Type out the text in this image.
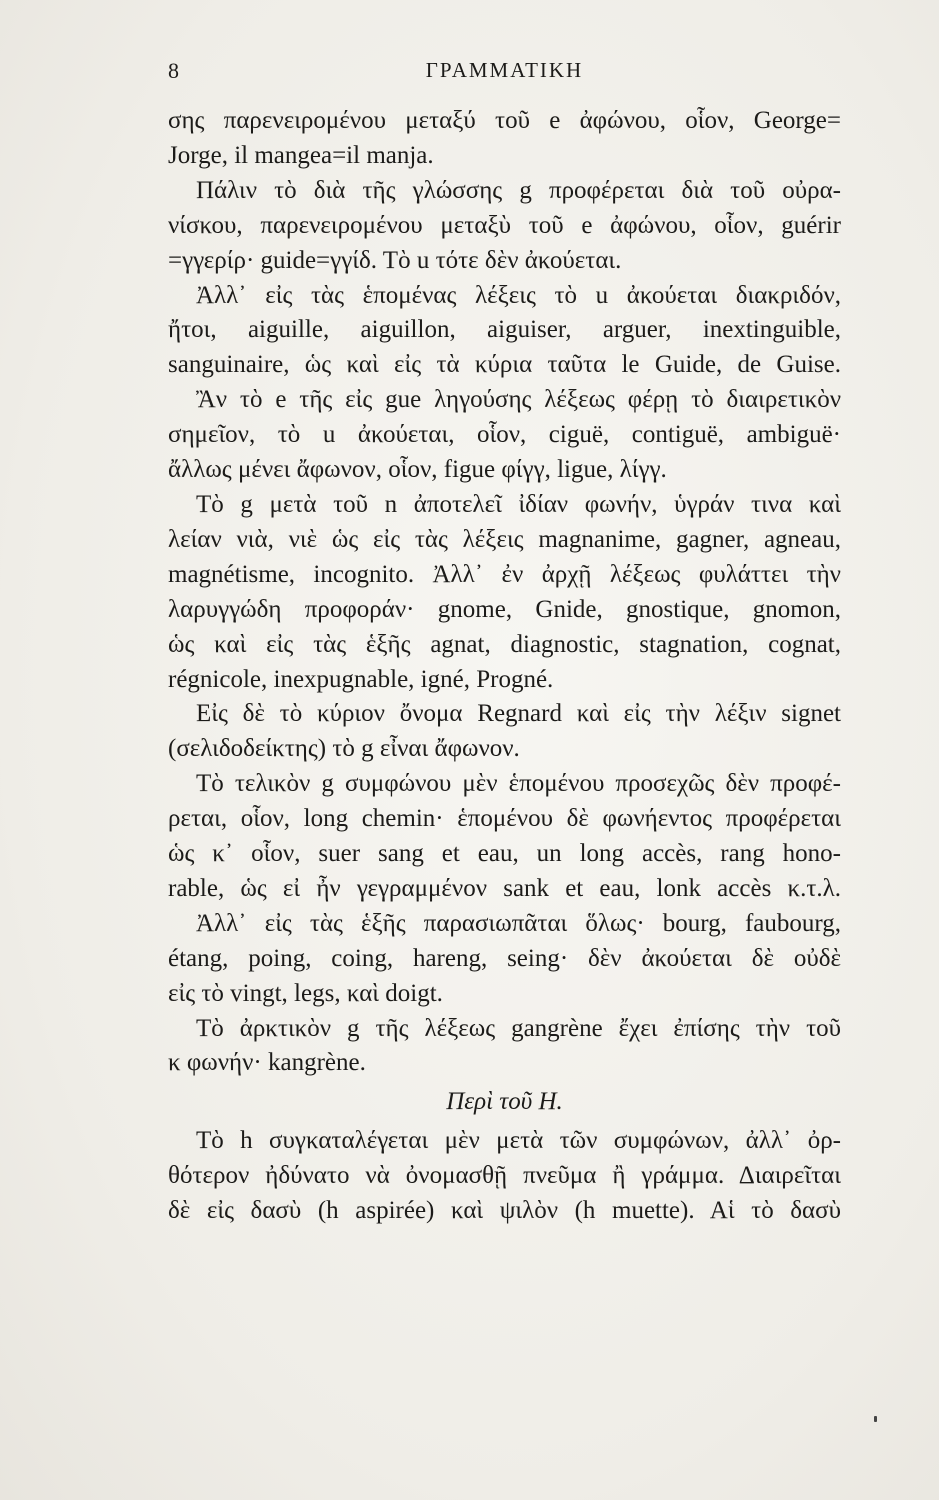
8	ΓΡΑΜΜΑΤΙΚΗ
σης παρενειρομένου μεταξύ τοῦ e ἀφώνου, οἷον, George=
Jorge, il mangea=il manja.
Πάλιν τὸ διὰ τῆς γλώσσης g προφέρεται διὰ τοῦ οὐρα-
νίσκου, παρενειρομένου μεταξὺ τοῦ e ἀφώνου, οἷον, guérir
=γγερίρ· guide=γγίδ. Τὸ u τότε δὲν ἀκούεται.
Ἀλλ᾽ εἰς τὰς ἑπομένας λέξεις τὸ u ἀκούεται διακριδόν,
ἤτοι, aiguille, aiguillon, aiguiser, arguer, inextinguible,
sanguinaire, ὡς καὶ εἰς τὰ κύρια ταῦτα le Guide, de Guise.
Ἂν τὸ e τῆς εἰς gue ληγούσης λέξεως φέρῃ τὸ διαιρετικὸν
σημεῖον, τὸ u ἀκούεται, οἷον, ciguë, contiguë, ambiguë·
ἄλλως μένει ἄφωνον, οἷον, figue φίγγ, ligue, λίγγ.
Τὸ g μετὰ τοῦ n ἀποτελεῖ ἰδίαν φωνήν, ὑγράν τινα καὶ
λείαν νιὰ, νιὲ ὡς εἰς τὰς λέξεις magnanime, gagner, agneau,
magnétisme, incognito. Ἀλλ᾽ ἐν ἀρχῇ λέξεως φυλάττει τὴν
λαρυγγώδη προφοράν· gnome, Gnide, gnostique, gnomon,
ὡς καὶ εἰς τὰς ἑξῆς agnat, diagnostic, stagnation, cognat,
régnicole, inexpugnable, igné, Progné.
Εἰς δὲ τὸ κύριον ὄνομα Regnard καὶ εἰς τὴν λέξιν signet
(σελιδοδείκτης) τὸ g εἶναι ἄφωνον.
Τὸ τελικὸν g συμφώνου μὲν ἑπομένου προσεχῶς δὲν προφέ-
ρεται, οἷον, long chemin· ἑπομένου δὲ φωνήεντος προφέρεται
ὡς κ᾽ οἷον, suer sang et eau, un long accès, rang hono-
rable, ὡς εἰ ἦν γεγραμμένον sank et eau, lonk accès κ.τ.λ.
Ἀλλ᾽ εἰς τὰς ἑξῆς παρασιωπᾶται ὅλως· bourg, faubourg,
étang, poing, coing, hareng, seing· δὲν ἀκούεται δὲ οὐδὲ
εἰς τὸ vingt, legs, καὶ doigt.
Τὸ ἀρκτικὸν g τῆς λέξεως gangrène ἔχει ἐπίσης τὴν τοῦ
κ φωνήν· kangrène.
Περὶ τοῦ Η.
Τὸ h συγκαταλέγεται μὲν μετὰ τῶν συμφώνων, ἀλλ᾽ ὀρ-
θότερον ἠδύνατο νὰ ὀνομασθῇ πνεῦμα ἢ γράμμα. Διαιρεῖται
δὲ εἰς δασὺ (h aspirée) καὶ ψιλὸν (h muette). Αἱ τὸ δασὺ
